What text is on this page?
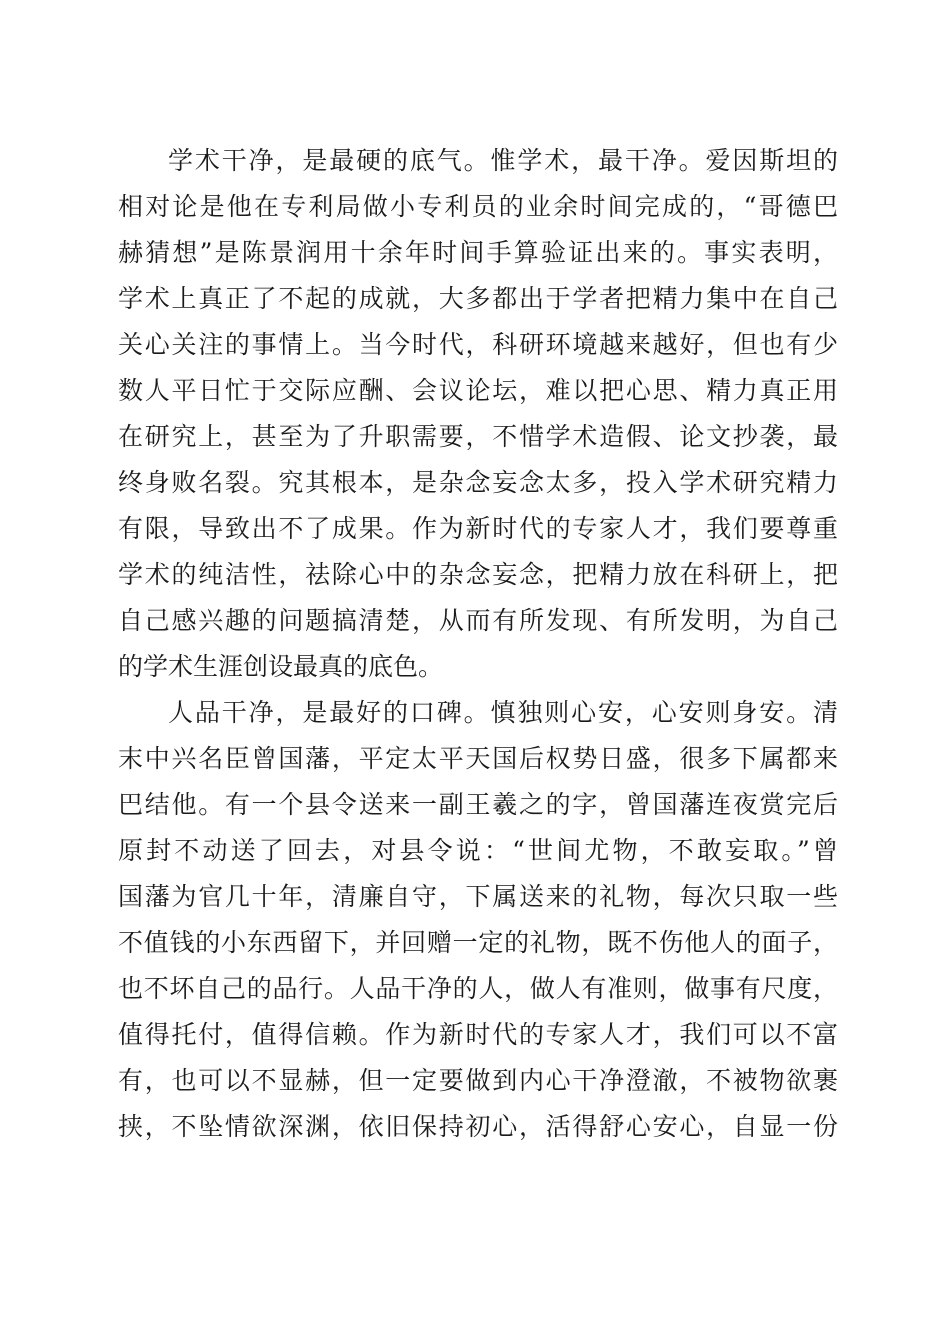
学术干净，是最硬的底气。惟学术，最干净。爱因斯坦的
相对论是他在专利局做小专利员的业余时间完成的，“哥德巴
赫猜想”是陈景润用十余年时间手算验证出来的。事实表明，
学术上真正了不起的成就，大多都出于学者把精力集中在自己
关心关注的事情上。当今时代，科研环境越来越好，但也有少
数人平日忙于交际应酬、会议论坛，难以把心思、精力真正用
在研究上，甚至为了升职需要，不惜学术造假、论文抄袭，最
终身败名裂。究其根本，是杂念妄念太多，投入学术研究精力
有限，导致出不了成果。作为新时代的专家人才，我们要尊重
学术的纯洁性，祛除心中的杂念妄念，把精力放在科研上，把
自己感兴趣的问题搞清楚，从而有所发现、有所发明，为自己
的学术生涯创设最真的底色。
人品干净，是最好的口碑。慎独则心安，心安则身安。清
末中兴名臣曾国藩，平定太平天国后权势日盛，很多下属都来
巴结他。有一个县令送来一副王羲之的字，曾国藩连夜赏完后
原封不动送了回去，对县令说：“世间尤物，不敢妄取。”曾
国藩为官几十年，清廉自守，下属送来的礼物，每次只取一些
不值钱的小东西留下，并回赠一定的礼物，既不伤他人的面子，
也不坏自己的品行。人品干净的人，做人有准则，做事有尺度，
值得托付，值得信赖。作为新时代的专家人才，我们可以不富
有，也可以不显赫，但一定要做到内心干净澄澈，不被物欲裹
挟，不坠情欲深渊，依旧保持初心，活得舒心安心，自显一份
